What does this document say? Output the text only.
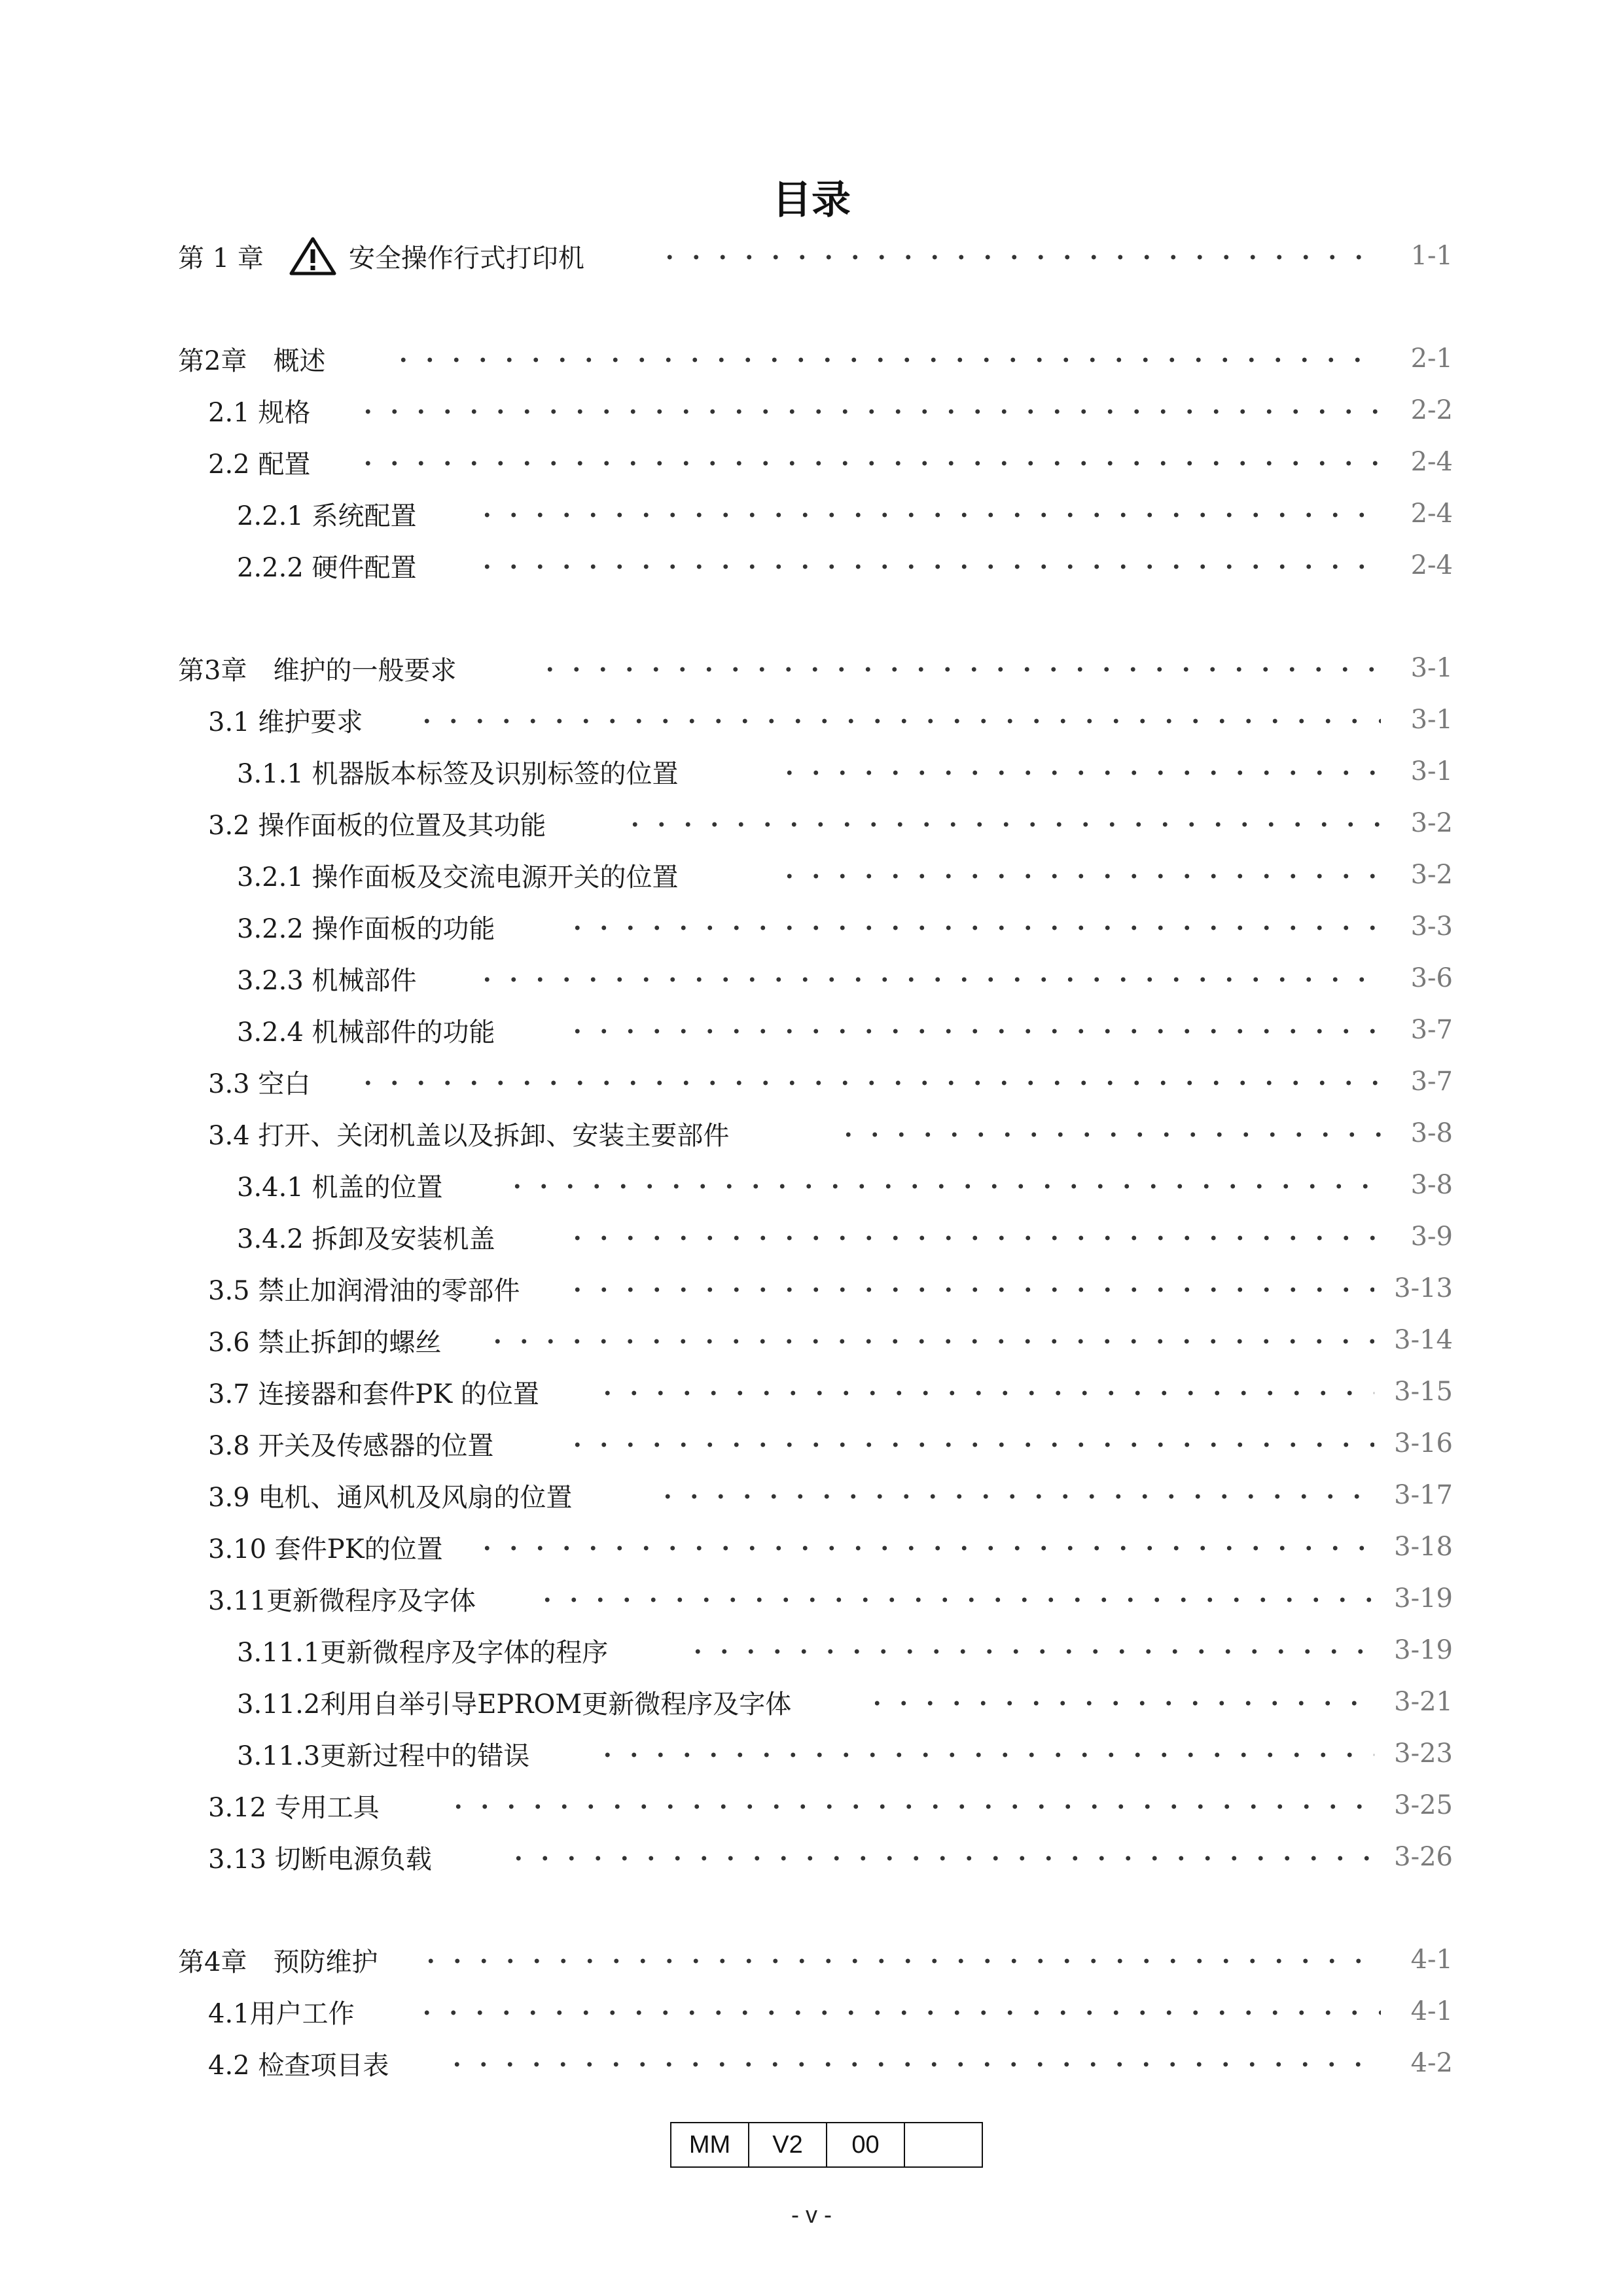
目录
第 1 章	安全操作行式打印机	1-1
第2章　概述	2-1
2.1 规格	2-2
2.2 配置	2-4
2.2.1 系统配置	2-4
2.2.2 硬件配置	2-4
第3章　维护的一般要求	3-1
3.1 维护要求	3-1
3.1.1 机器版本标签及识别标签的位置	3-1
3.2 操作面板的位置及其功能	3-2
3.2.1 操作面板及交流电源开关的位置	3-2
3.2.2 操作面板的功能	3-3
3.2.3 机械部件	3-6
3.2.4 机械部件的功能	3-7
3.3 空白	3-7
3.4 打开、关闭机盖以及拆卸、安装主要部件	3-8
3.4.1 机盖的位置	3-8
3.4.2 拆卸及安装机盖	3-9
3.5 禁止加润滑油的零部件	3-13
3.6 禁止拆卸的螺丝	3-14
3.7 连接器和套件PK 的位置	3-15
3.8 开关及传感器的位置	3-16
3.9 电机、通风机及风扇的位置	3-17
3.10 套件PK的位置	3-18
3.11更新微程序及字体	3-19
3.11.1更新微程序及字体的程序	3-19
3.11.2利用自举引导EPROM更新微程序及字体	3-21
3.11.3更新过程中的错误	3-23
3.12 专用工具	3-25
3.13 切断电源负载	3-26
第4章　预防维护	4-1
4.1用户工作	4-1
4.2 检查项目表	4-2
MM	V2	00
- v -
